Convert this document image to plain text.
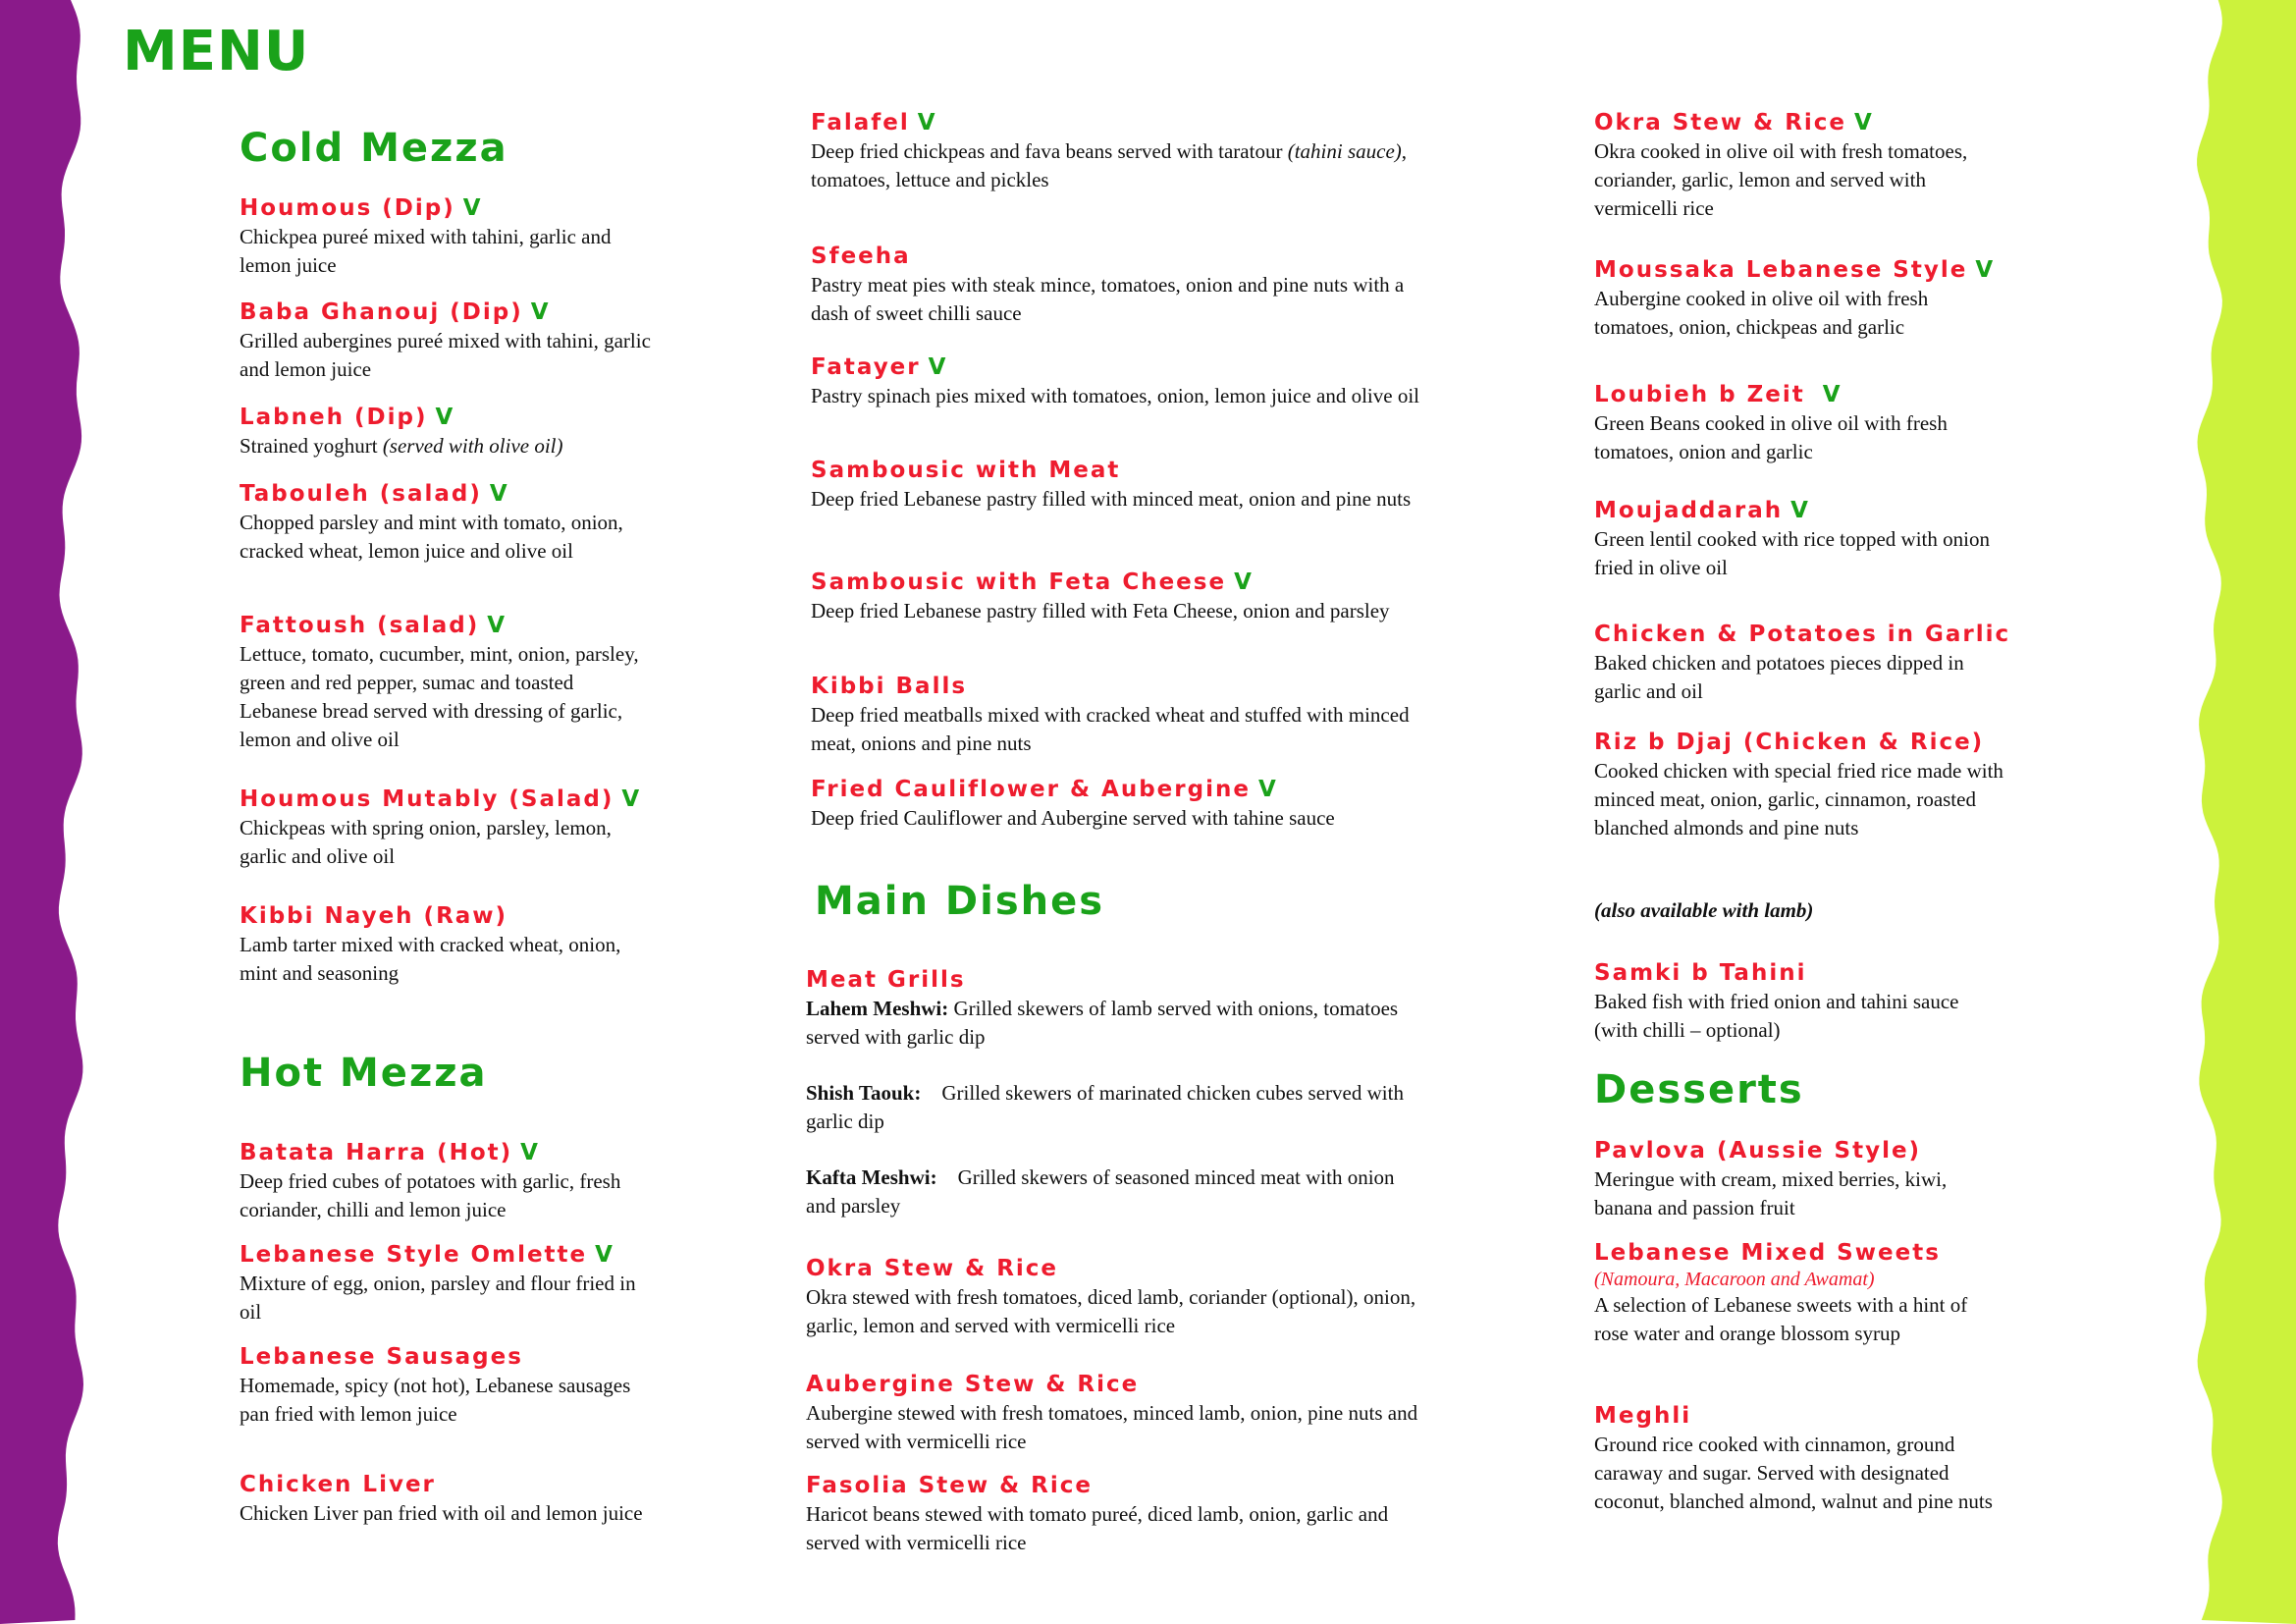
MENU
Cold Mezza
Houmous (Dip) V
Chickpea pureé mixed with tahini, garlic and lemon juice
Baba Ghanouj (Dip) V
Grilled aubergines pureé mixed with tahini, garlic and lemon juice
Labneh (Dip) V
Strained yoghurt (served with olive oil)
Tabouleh (salad) V
Chopped parsley and mint with tomato, onion, cracked wheat, lemon juice and olive oil
Fattoush (salad) V
Lettuce, tomato, cucumber, mint, onion, parsley, green and red pepper, sumac and toasted Lebanese bread served with dressing of garlic, lemon and olive oil
Houmous Mutably (Salad) V
Chickpeas with spring onion, parsley, lemon, garlic and olive oil
Kibbi Nayeh (Raw)
Lamb tarter mixed with cracked wheat, onion, mint and seasoning
Hot Mezza
Batata Harra (Hot) V
Deep fried cubes of potatoes with garlic, fresh coriander, chilli and lemon juice
Lebanese Style Omlette V
Mixture of egg, onion, parsley and flour fried in oil
Lebanese Sausages
Homemade, spicy (not hot), Lebanese sausages pan fried with lemon juice
Chicken Liver
Chicken Liver pan fried with oil and lemon juice
Falafel V
Deep fried chickpeas and fava beans served with taratour (tahini sauce), tomatoes, lettuce and pickles
Sfeeha
Pastry meat pies with steak mince, tomatoes, onion and pine nuts with a dash of sweet chilli sauce
Fatayer V
Pastry spinach pies mixed with tomatoes, onion, lemon juice and olive oil
Sambousic with Meat
Deep fried Lebanese pastry filled with minced meat, onion and pine nuts
Sambousic with Feta Cheese V
Deep fried Lebanese pastry filled with Feta Cheese, onion and parsley
Kibbi Balls
Deep fried meatballs mixed with cracked wheat and stuffed with minced meat, onions and pine nuts
Fried Cauliflower & Aubergine V
Deep fried Cauliflower and Aubergine served with tahine sauce
Main Dishes
Meat Grills
Lahem Meshwi: Grilled skewers of lamb served with onions, tomatoes served with garlic dip
Shish Taouk: Grilled skewers of marinated chicken cubes served with garlic dip
Kafta Meshwi: Grilled skewers of seasoned minced meat with onion and parsley
Okra Stew & Rice
Okra stewed with fresh tomatoes, diced lamb, coriander (optional), onion, garlic, lemon and served with vermicelli rice
Aubergine Stew & Rice
Aubergine stewed with fresh tomatoes, minced lamb, onion, pine nuts and served with vermicelli rice
Fasolia Stew & Rice
Haricot beans stewed with tomato pureé, diced lamb, onion, garlic and served with vermicelli rice
Okra Stew & Rice V
Okra cooked in olive oil with fresh tomatoes, coriander, garlic, lemon and served with vermicelli rice
Moussaka Lebanese Style V
Aubergine cooked in olive oil with fresh tomatoes, onion, chickpeas and garlic
Loubieh b Zeit V
Green Beans cooked in olive oil with fresh tomatoes, onion and garlic
Moujaddarah V
Green lentil cooked with rice topped with onion fried in olive oil
Chicken & Potatoes in Garlic
Baked chicken and potatoes pieces dipped in garlic and oil
Riz b Djaj (Chicken & Rice)
Cooked chicken with special fried rice made with minced meat, onion, garlic, cinnamon, roasted blanched almonds and pine nuts
(also available with lamb)
Samki b Tahini
Baked fish with fried onion and tahini sauce (with chilli – optional)
Desserts
Pavlova (Aussie Style)
Meringue with cream, mixed berries, kiwi, banana and passion fruit
Lebanese Mixed Sweets
(Namoura, Macaroon and Awamat)
A selection of Lebanese sweets with a hint of rose water and orange blossom syrup
Meghli
Ground rice cooked with cinnamon, ground caraway and sugar. Served with designated coconut, blanched almond, walnut and pine nuts
